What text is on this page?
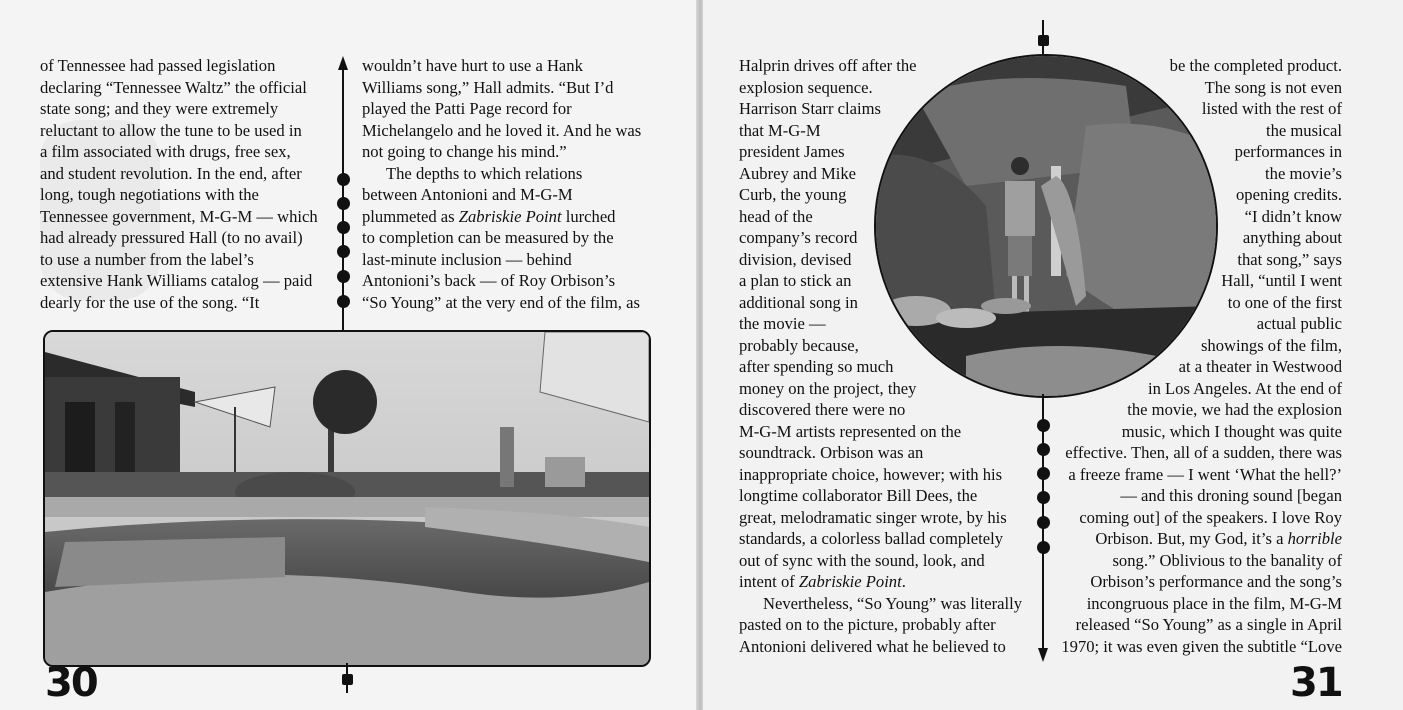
of Tennessee had passed legislation

declaring “Tennessee Waltz” the official

state song; and they were extremely

reluctant to allow the tune to be used in

a film associated with drugs, free sex,

and student revolution. In the end, after

long, tough negotiations with the

Tennessee government, M-G-M — which

had already pressured Hall (to no avail)

to use a number from the label’s

extensive Hank Williams catalog — paid

dearly for the use of the song. “It

wouldn’t have hurt to use a Hank

Williams song,” Hall admits. “But I’d

played the Patti Page record for

Michelangelo and he loved it. And he was

not going to change his mind.”

The depths to which relations

between Antonioni and M-G-M

plummeted as Zabriskie Point lurched

to completion can be measured by the

last-minute inclusion — behind

Antonioni’s back — of Roy Orbison’s

“So Young” at the very end of the film, as

30

Halprin drives off after the

explosion sequence.

Harrison Starr claims

that M-G-M

president James

Aubrey and Mike

Curb, the young

head of the

company’s record

division, devised

a plan to stick an

additional song in

the movie —

probably because,

after spending so much

money on the project, they

discovered there were no

M-G-M artists represented on the

soundtrack. Orbison was an

inappropriate choice, however; with his

longtime collaborator Bill Dees, the

great, melodramatic singer wrote, by his

standards, a colorless ballad completely

out of sync with the sound, look, and

intent of Zabriskie Point.

Nevertheless, “So Young” was literally

pasted on to the picture, probably after

Antonioni delivered what he believed to

be the completed product.

The song is not even

listed with the rest of

the musical

performances in

the movie’s

opening credits.

“I didn’t know

anything about

that song,” says

Hall, “until I went

to one of the first

actual public

showings of the film,

at a theater in Westwood

in Los Angeles. At the end of

the movie, we had the explosion

music, which I thought was quite

effective. Then, all of a sudden, there was

a freeze frame — I went ‘What the hell?’

— and this droning sound [began

coming out] of the speakers. I love Roy

Orbison. But, my God, it’s a horrible

song.” Oblivious to the banality of

Orbison’s performance and the song’s

incongruous place in the film, M-G-M

released “So Young” as a single in April

1970; it was even given the subtitle “Love

31
